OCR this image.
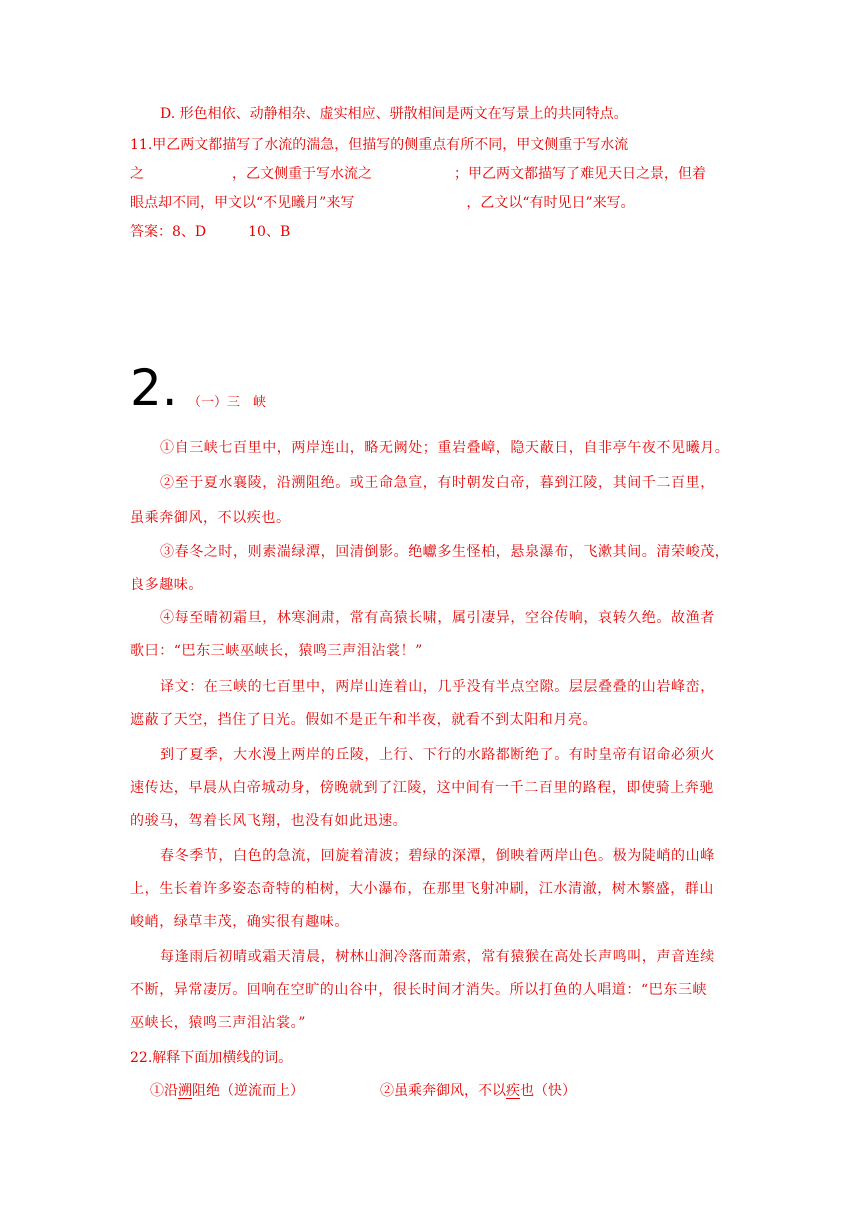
D. 形色相依、动静相杂、虚实相应、骈散相间是两文在写景上的共同特点。
11.甲乙两文都描写了水流的湍急，但描写的侧重点有所不同，甲文侧重于写水流
之	，乙文侧重于写水流之	；甲乙两文都描写了难见天日之景，但着
眼点却不同，甲文以“不见曦月”来写	，乙文以“有时见日”来写。
答案：8、D	10、B
2. （一）三　峡
①自三峡七百里中，两岸连山，略无阙处；重岩叠嶂，隐天蔽日，自非亭午夜不见曦月。
②至于夏水襄陵，沿溯阻绝。或王命急宣，有时朝发白帝，暮到江陵，其间千二百里，
虽乘奔御风，不以疾也。
③春冬之时，则素湍绿潭，回清倒影。绝巘多生怪柏，悬泉瀑布，飞漱其间。清荣峻茂，
良多趣味。
④每至晴初霜旦，林寒涧肃，常有高猿长啸，属引凄异，空谷传响，哀转久绝。故渔者
歌曰：“巴东三峡巫峡长，猿鸣三声泪沾裳！”
译文：在三峡的七百里中，两岸山连着山，几乎没有半点空隙。层层叠叠的山岩峰峦，
遮蔽了天空，挡住了日光。假如不是正午和半夜，就看不到太阳和月亮。
到了夏季，大水漫上两岸的丘陵，上行、下行的水路都断绝了。有时皇帝有诏命必须火
速传达，早晨从白帝城动身，傍晚就到了江陵，这中间有一千二百里的路程，即使骑上奔驰
的骏马，驾着长风飞翔，也没有如此迅速。
春冬季节，白色的急流，回旋着清波；碧绿的深潭，倒映着两岸山色。极为陡峭的山峰
上，生长着许多姿态奇特的柏树，大小瀑布，在那里飞射冲刷，江水清澈，树木繁盛，群山
峻峭，绿草丰茂，确实很有趣味。
每逢雨后初晴或霜天清晨，树林山涧冷落而萧索，常有猿猴在高处长声鸣叫，声音连续
不断，异常凄厉。回响在空旷的山谷中，很长时间才消失。所以打鱼的人唱道：“巴东三峡
巫峡长，猿鸣三声泪沾裳。”
22.解释下面加横线的词。
①沿溯阻绝（逆流而上）	②虽乘奔御风，不以疾也（快）
